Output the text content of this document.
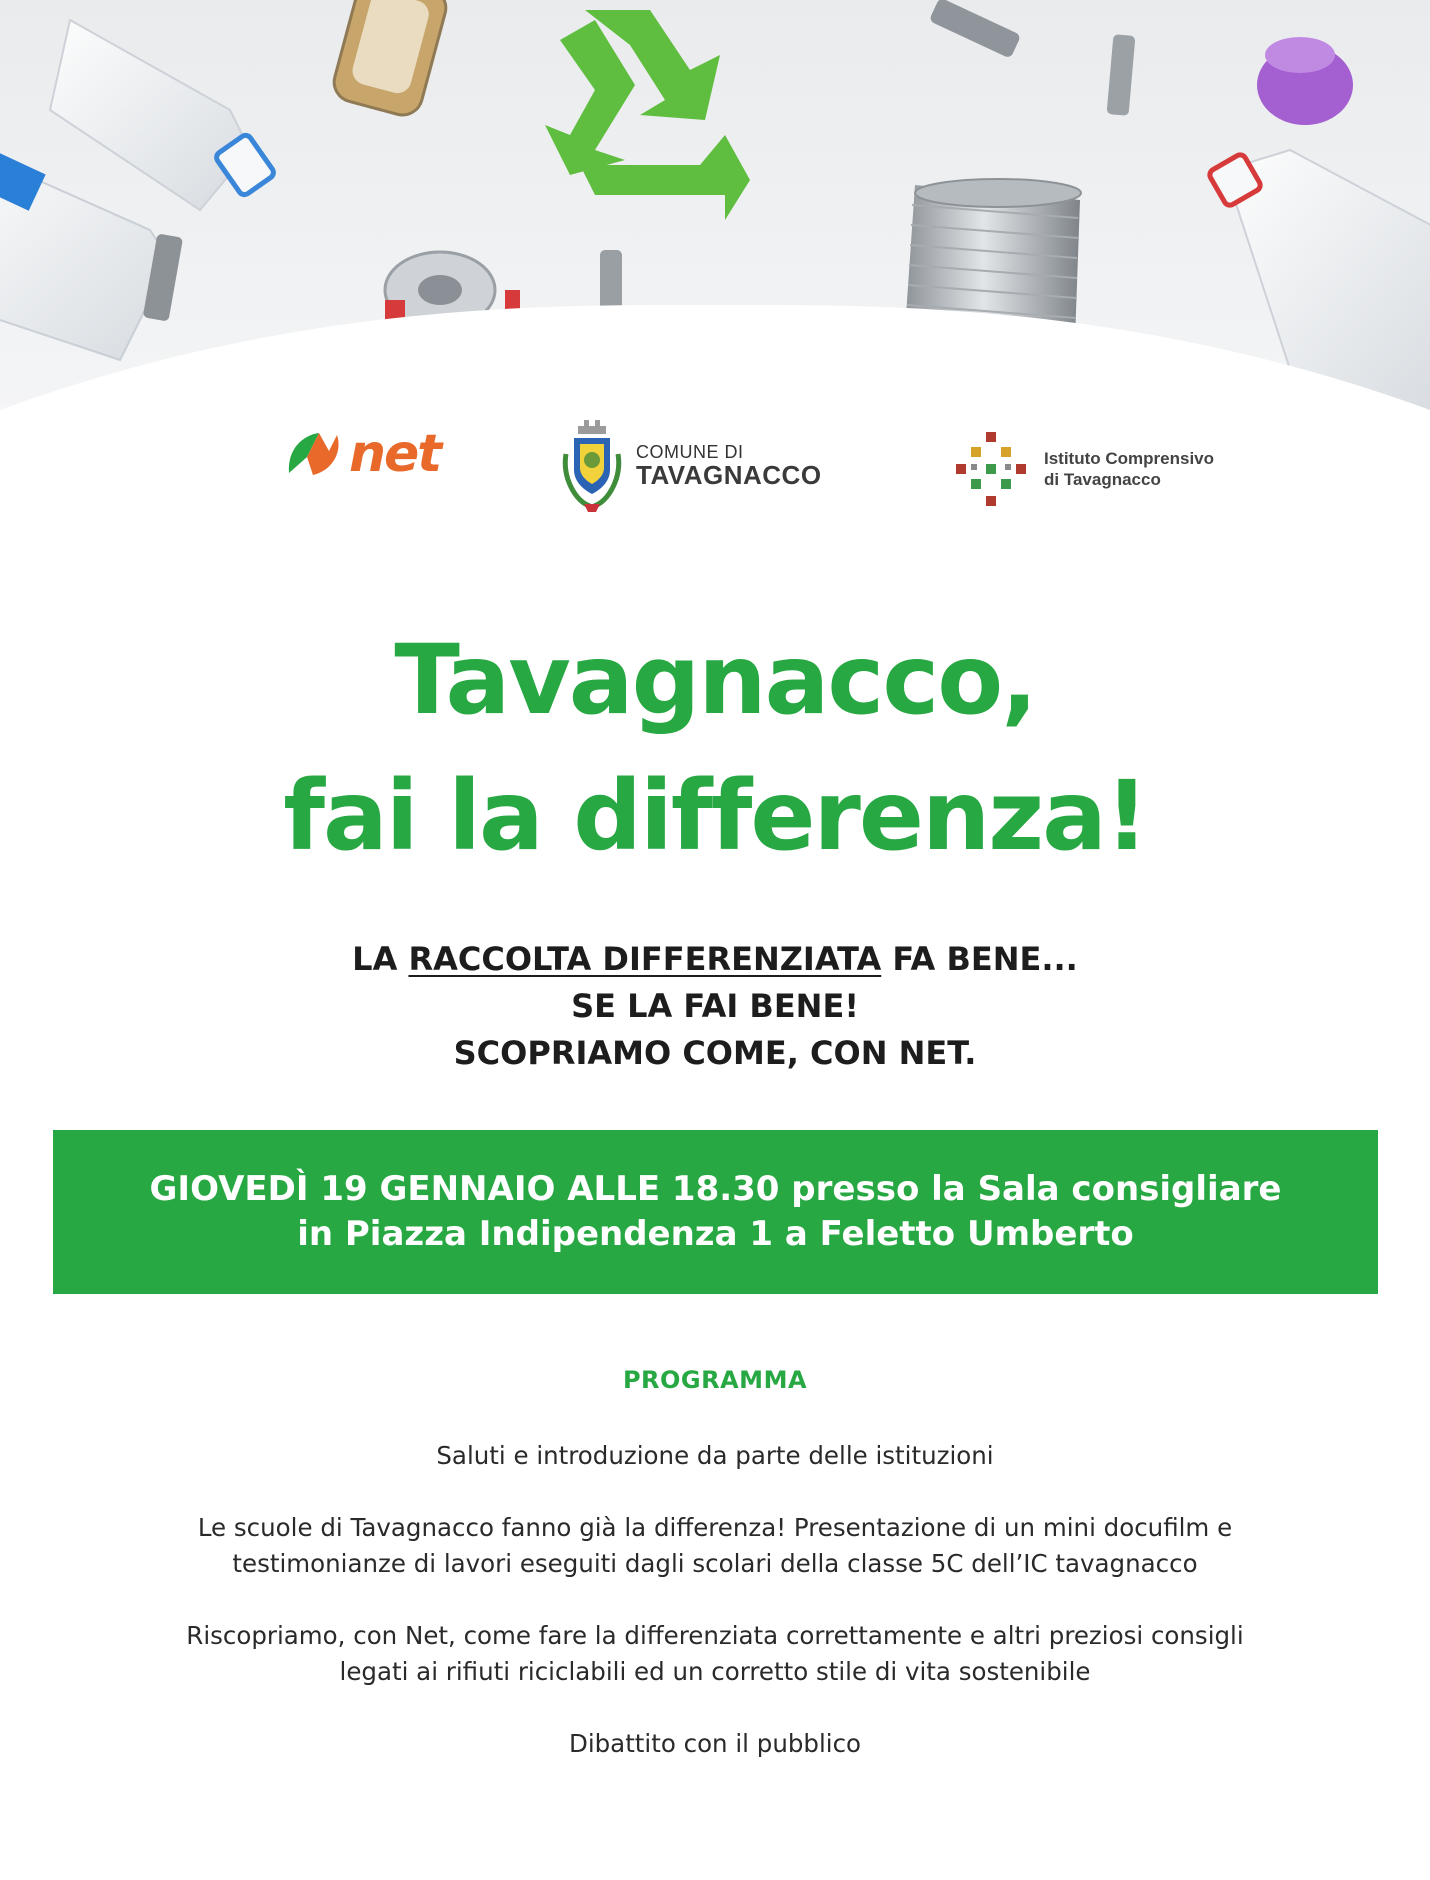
net	COMUNE DI
TAVAGNACCO
Istituto Comprensivo
di Tavagnacco
Tavagnacco,
fai la differenza!
LA RACCOLTA DIFFERENZIATA FA BENE...
SE LA FAI BENE!
SCOPRIAMO COME, CON NET.
GIOVEDÌ 19 GENNAIO ALLE 18.30 presso la Sala consigliare
in Piazza Indipendenza 1 a Feletto Umberto
PROGRAMMA
Saluti e introduzione da parte delle istituzioni
Le scuole di Tavagnacco fanno già la differenza! Presentazione di un mini docufilm e
testimonianze di lavori eseguiti dagli scolari della classe 5C dell’IC tavagnacco
Riscopriamo, con Net, come fare la differenziata correttamente e altri preziosi consigli
legati ai rifiuti riciclabili ed un corretto stile di vita sostenibile
Dibattito con il pubblico
